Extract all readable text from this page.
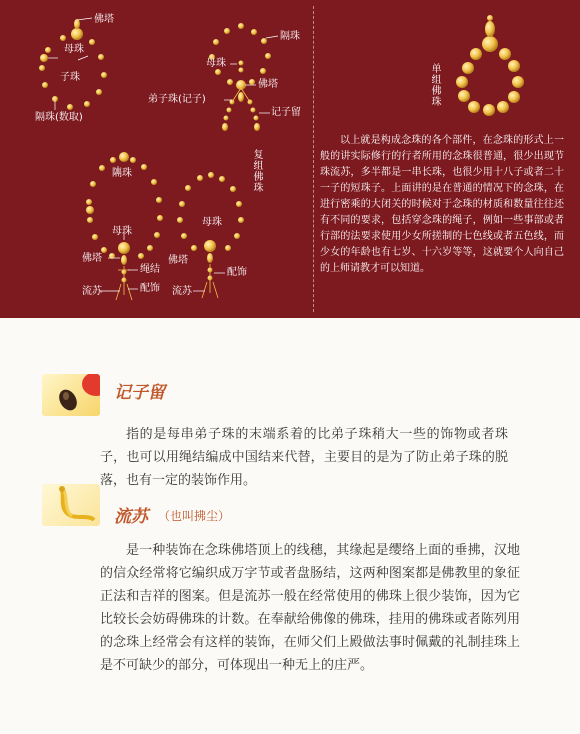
佛塔
母珠
子珠
隔珠(数取)
隔珠
母珠
佛塔
弟子珠(记子)
记子留
单组佛珠
隔珠
复组佛珠
母珠
佛塔
绳结
配饰
流苏
母珠
佛塔
配饰
流苏
以上就是构成念珠的各个部件，在念珠的形式上一般的讲实际修行的行者所用的念珠很普通，很少出现节珠流苏，多半都是一串长珠，也很少用十八子或者二十一子的短珠子。上面讲的是在普通的情况下的念珠，在进行密乘的大闭关的时候对于念珠的材质和数量往往还有不同的要求，包括穿念珠的绳子，例如一些事部或者行部的法要求使用少女所搓制的七色线或者五色线，而少女的年龄也有七岁、十六岁等等，这就要个人向自己的上师请教才可以知道。
记子留
指的是每串弟子珠的末端系着的比弟子珠稍大一些的饰物或者珠子，也可以用绳结编成中国结来代替，主要目的是为了防止弟子珠的脱落，也有一定的装饰作用。
流苏 （也叫拂尘）
是一种装饰在念珠佛塔顶上的线穗，其缘起是缨络上面的垂拂，汉地的信众经常将它编织成万字节或者盘肠结，这两种图案都是佛教里的象征正法和吉祥的图案。但是流苏一般在经常使用的佛珠上很少装饰，因为它比较长会妨碍佛珠的计数。在奉献给佛像的佛珠，挂用的佛珠或者陈列用的念珠上经常会有这样的装饰，在师父们上殿做法事时佩戴的礼制挂珠上是不可缺少的部分，可体现出一种无上的庄严。
